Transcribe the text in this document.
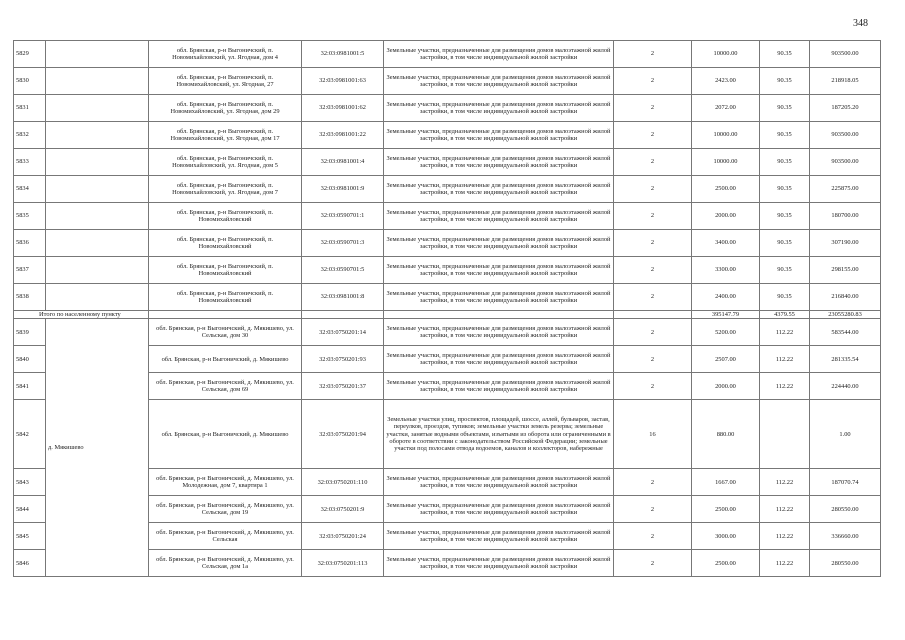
348
5829		обл. Брянская, р-н Выгоничский, п. Новомихайловский, ул. Ягодная, дом 4	32:03:0981001:5	Земельные участки, предназначенные для размещения домов малоэтажной жилой застройки, в том числе индивидуальной жилой застройки	2	10000.00	90.35	903500.00
5830		обл. Брянская, р-н Выгоничский, п. Новомихайловский, ул. Ягодная, 27	32:03:0981001:63	Земельные участки, предназначенные для размещения домов малоэтажной жилой застройки, в том числе индивидуальной жилой застройки	2	2423.00	90.35	218918.05
5831		обл. Брянская, р-н Выгоничский, п. Новомихайловский, ул. Ягодная, дом 29	32:03:0981001:62	Земельные участки, предназначенные для размещения домов малоэтажной жилой застройки, в том числе индивидуальной жилой застройки	2	2072.00	90.35	187205.20
5832		обл. Брянская, р-н Выгоничский, п. Новомихайловский, ул. Ягодная, дом 17	32:03:0981001:22	Земельные участки, предназначенные для размещения домов малоэтажной жилой застройки, в том числе индивидуальной жилой застройки	2	10000.00	90.35	903500.00
5833		обл. Брянская, р-н Выгоничский, п. Новомихайловский, ул. Ягодная, дом 5	32:03:0981001:4	Земельные участки, предназначенные для размещения домов малоэтажной жилой застройки, в том числе индивидуальной жилой застройки	2	10000.00	90.35	903500.00
5834		обл. Брянская, р-н Выгоничский, п. Новомихайловский, ул. Ягодная, дом 7	32:03:0981001:9	Земельные участки, предназначенные для размещения домов малоэтажной жилой застройки, в том числе индивидуальной жилой застройки	2	2500.00	90.35	225875.00
5835		обл. Брянская, р-н Выгоничский, п. Новомихайловский	32:03:0590701:1	Земельные участки, предназначенные для размещения домов малоэтажной жилой застройки, в том числе индивидуальной жилой застройки	2	2000.00	90.35	180700.00
5836		обл. Брянская, р-н Выгоничский, п. Новомихайловский	32:03:0590701:3	Земельные участки, предназначенные для размещения домов малоэтажной жилой застройки, в том числе индивидуальной жилой застройки	2	3400.00	90.35	307190.00
5837		обл. Брянская, р-н Выгоничский, п. Новомихайловский	32:03:0590701:5	Земельные участки, предназначенные для размещения домов малоэтажной жилой застройки, в том числе индивидуальной жилой застройки	2	3300.00	90.35	298155.00
5838		обл. Брянская, р-н Выгоничский, п. Новомихайловский	32:03:0981001:8	Земельные участки, предназначенные для размещения домов малоэтажной жилой застройки, в том числе индивидуальной жилой застройки	2	2400.00	90.35	216840.00
Итого по населенному пункту						395147.79	4379.55	23055280.83
5839	д. Мякишево	обл. Брянская, р-н Выгоничский, д. Мякишево, ул. Сельская, дом 30	32:03:0750201:14	Земельные участки, предназначенные для размещения домов малоэтажной жилой застройки, в том числе индивидуальной жилой застройки	2	5200.00	112.22	583544.00
5840		обл. Брянская, р-н Выгоничский, д. Мякишево	32:03:0750201:93	Земельные участки, предназначенные для размещения домов малоэтажной жилой застройки, в том числе индивидуальной жилой застройки	2	2507.00	112.22	281335.54
5841		обл. Брянская, р-н Выгоничский, д. Мякишево, ул. Сельская, дом 69	32:03:0750201:37	Земельные участки, предназначенные для размещения домов малоэтажной жилой застройки, в том числе индивидуальной жилой застройки	2	2000.00	112.22	224440.00
5842		обл. Брянская, р-н Выгоничский, д. Мякишево	32:03:0750201:94	Земельные участки улиц, проспектов, площадей, шоссе, аллей, бульваров, застав, переулков, проездов, тупиков; земельные участки земель резерва; земельные участки, занятые водными объектами, изъятыми из оборота или ограниченными в обороте в соответствии с законодательством Российской Федерации; земельные участки под полосами отвода водоемов, каналов и коллекторов, набережные	16	880.00		1.00
5843		обл. Брянская, р-н Выгоничский, д. Мякишево, ул. Молодежная, дом 7, квартира 1	32:03:0750201:110	Земельные участки, предназначенные для размещения домов малоэтажной жилой застройки, в том числе индивидуальной жилой застройки	2	1667.00	112.22	187070.74
5844		обл. Брянская, р-н Выгоничский, д. Мякишево, ул. Сельская, дом 19	32:03:0750201:9	Земельные участки, предназначенные для размещения домов малоэтажной жилой застройки, в том числе индивидуальной жилой застройки	2	2500.00	112.22	280550.00
5845		обл. Брянская, р-н Выгоничский, д. Мякишево, ул. Сельская	32:03:0750201:24	Земельные участки, предназначенные для размещения домов малоэтажной жилой застройки, в том числе индивидуальной жилой застройки	2	3000.00	112.22	336660.00
5846		обл. Брянская, р-н Выгоничский, д. Мякишево, ул. Сельская, дом 1а	32:03:0750201:113	Земельные участки, предназначенные для размещения домов малоэтажной жилой застройки, в том числе индивидуальной жилой застройки	2	2500.00	112.22	280550.00
